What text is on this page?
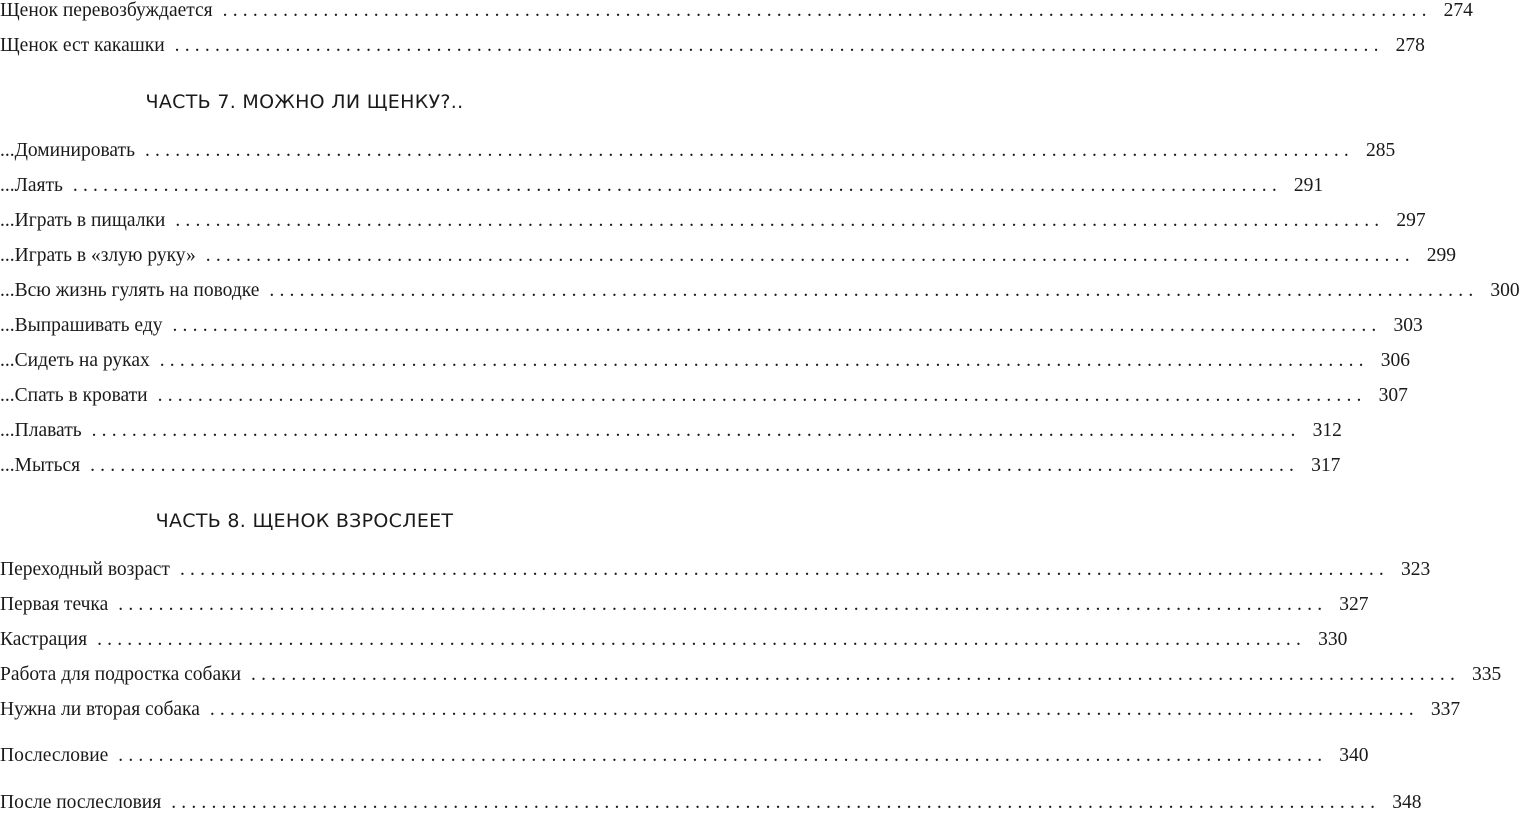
Щенок перевозбуждается ........................................................................................................................ 274
Щенок ест какашки ........................................................................................................................ 278
ЧАСТЬ 7. МОЖНО ЛИ ЩЕНКУ?..
...Доминировать ........................................................................................................................ 285
...Лаять ........................................................................................................................ 291
...Играть в пищалки ........................................................................................................................ 297
...Играть в «злую руку» ........................................................................................................................ 299
...Всю жизнь гулять на поводке ........................................................................................................................ 300
...Выпрашивать еду ........................................................................................................................ 303
...Сидеть на руках ........................................................................................................................ 306
...Спать в кровати ........................................................................................................................ 307
...Плавать ........................................................................................................................ 312
...Мыться ........................................................................................................................ 317
ЧАСТЬ 8. ЩЕНОК ВЗРОСЛЕЕТ
Переходный возраст ........................................................................................................................ 323
Первая течка ........................................................................................................................ 327
Кастрация ........................................................................................................................ 330
Работа для подростка собаки ........................................................................................................................ 335
Нужна ли вторая собака ........................................................................................................................ 337
Послесловие ........................................................................................................................ 340
После послесловия ........................................................................................................................ 348
